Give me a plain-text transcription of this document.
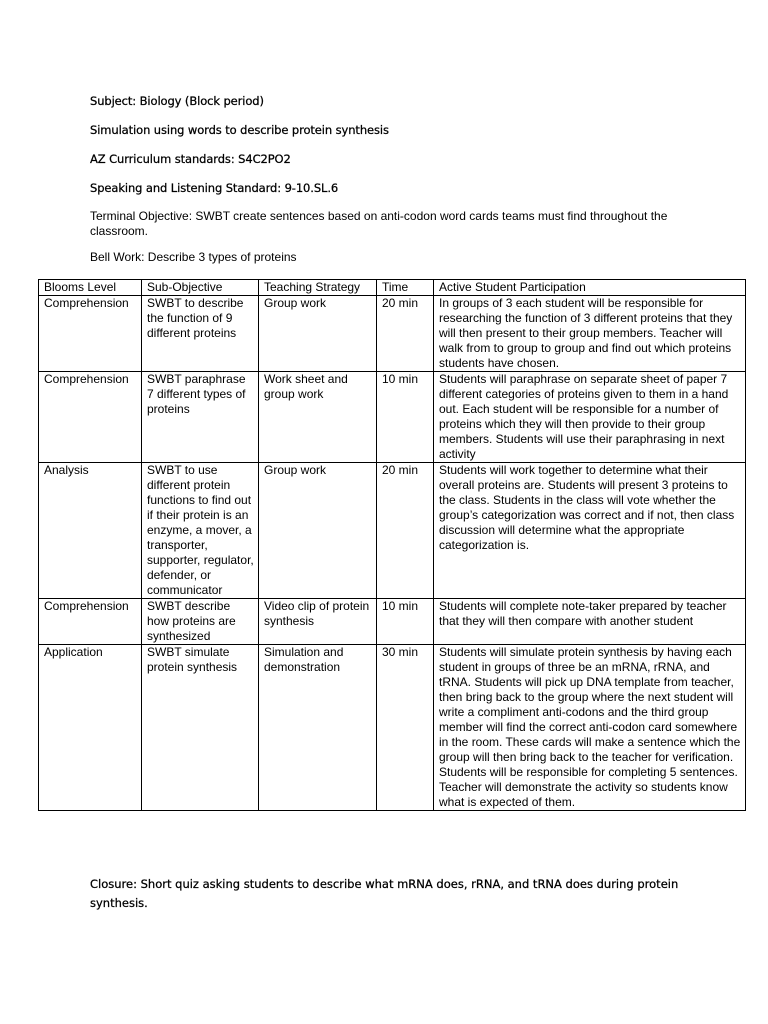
Subject: Biology (Block period)
Simulation using words to describe protein synthesis
AZ Curriculum standards: S4C2PO2
Speaking and Listening Standard: 9-10.SL.6
Terminal Objective: SWBT create sentences based on anti-codon word cards teams must find throughout the classroom.
Bell Work: Describe 3 types of proteins
Blooms Level	Sub-Objective	Teaching Strategy	Time	Active Student Participation
Comprehension	SWBT to describe the function of 9 different proteins	Group work	20 min	In groups of 3 each student will be responsible for researching the function of 3 different proteins that they will then present to their group members. Teacher will walk from to group to group and find out which proteins students have chosen.
Comprehension	SWBT paraphrase 7 different types of proteins	Work sheet and group work	10 min	Students will paraphrase on separate sheet of paper 7 different categories of proteins given to them in a hand out. Each student will be responsible for a number of proteins which they will then provide to their group members. Students will use their paraphrasing in next activity
Analysis	SWBT to use different protein functions to find out if their protein is an enzyme, a mover, a transporter, supporter, regulator, defender, or communicator	Group work	20 min	Students will work together to determine what their overall proteins are. Students will present 3 proteins to the class. Students in the class will vote whether the group’s categorization was correct and if not, then class discussion will determine what the appropriate categorization is.
Comprehension	SWBT describe how proteins are synthesized	Video clip of protein synthesis	10 min	Students will complete note-taker prepared by teacher that they will then compare with another student
Application	SWBT simulate protein synthesis	Simulation and demonstration	30 min	Students will simulate protein synthesis by having each student in groups of three be an mRNA, rRNA, and tRNA. Students will pick up DNA template from teacher, then bring back to the group where the next student will write a compliment anti-codons and the third group member will find the correct anti-codon card somewhere in the room. These cards will make a sentence which the group will then bring back to the teacher for verification. Students will be responsible for completing 5 sentences. Teacher will demonstrate the activity so students know what is expected of them.
Closure: Short quiz asking students to describe what mRNA does, rRNA, and tRNA does during protein synthesis.
